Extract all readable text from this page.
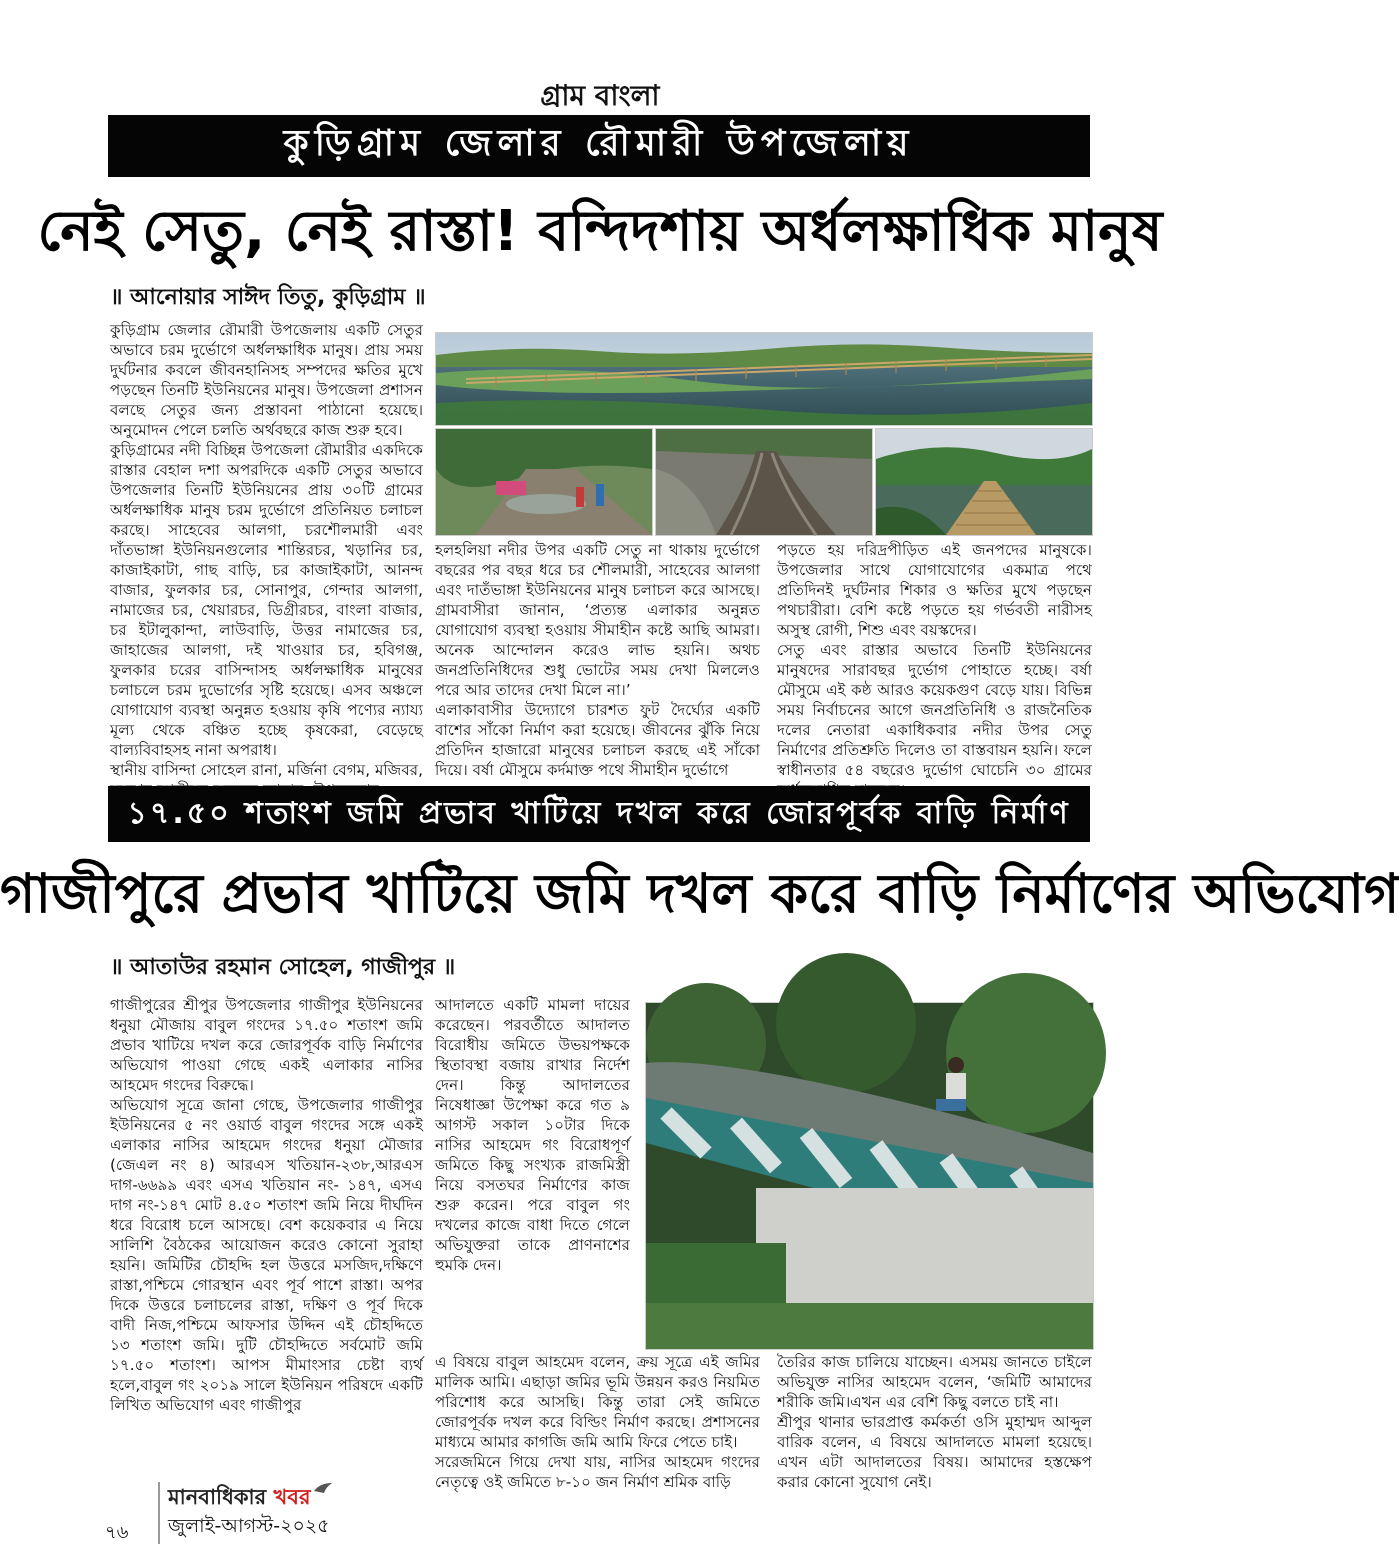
গ্রাম বাংলা
কুড়িগ্রাম জেলার রৌমারী উপজেলায়
নেই সেতু, নেই রাস্তা! বন্দিদশায় অর্ধলক্ষাধিক মানুষ
॥ আনোয়ার সাঈদ তিতু, কুড়িগ্রাম ॥

কুড়িগ্রাম জেলার রৌমারী উপজেলায় একটি সেতুর অভাবে চরম দুর্ভোগে অর্ধলক্ষাধিক মানুষ। প্রায় সময় দুর্ঘটনার কবলে জীবনহানিসহ সম্পদের ক্ষতির মুখে পড়ছেন তিনটি ইউনিয়নের মানুষ। উপজেলা প্রশাসন বলছে সেতুর জন্য প্রস্তাবনা পাঠানো হয়েছে। অনুমোদন পেলে চলতি অর্থবছরে কাজ শুরু হবে।

কুড়িগ্রামের নদী বিচ্ছিন্ন উপজেলা রৌমারীর একদিকে রাস্তার বেহাল দশা অপরদিকে একটি সেতুর অভাবে উপজেলার তিনটি ইউনিয়নের প্রায় ৩০টি গ্রামের অর্ধলক্ষাধিক মানুষ চরম দুর্ভোগে প্রতিনিয়ত চলাচল করছে। সাহেবের আলগা, চরশৌলমারী এবং দাঁতভাঙ্গা ইউনিয়নগুলোর শান্তিরচর, খড়ানির চর, কাজাইকাটা, গাছ বাড়ি, চর কাজাইকাটা, আনন্দ বাজার, ফুলকার চর, সোনাপুর, গেন্দার আলগা, নামাজের চর, খেয়ারচর, ডিগ্রীরচর, বাংলা বাজার, চর ইটালুকান্দা, লাউবাড়ি, উত্তর নামাজের চর, জাহাজের আলগা, দই খাওয়ার চর, হবিগঞ্জ, ফুলকার চরের বাসিন্দাসহ অর্ধলক্ষাধিক মানুষের চলাচলে চরম দুভোর্গের সৃষ্টি হয়েছে। এসব অঞ্চলে যোগাযোগ ব্যবস্থা অনুন্নত হওয়ায় কৃষি পণ্যের ন্যায্য মূল্য থেকে বঞ্চিত হচ্ছে কৃষকেরা, বেড়েছে বাল্যবিবাহসহ নানা অপরাধ।

স্থানীয় বাসিন্দা সোহেল রানা, মর্জিনা বেগম, মজিবর,

হলহলিয়া নদীর উপর একটি সেতু না থাকায় দুর্ভোগে বছরের পর বছর ধরে চর শৌলমারী, সাহেবের আলগা এবং দাতঁভাঙ্গা ইউনিয়নের মানুষ চলাচল করে আসছে। গ্রামবাসীরা জানান, ‘প্রত্যন্ত এলাকার অনুন্নত যোগাযোগ ব্যবস্থা হওয়ায় সীমাহীন কষ্টে আছি আমরা। অনেক আন্দোলন করেও লাভ হয়নি। অথচ জনপ্রতিনিধিদের শুধু ভোটের সময় দেখা মিললেও পরে আর তাদের দেখা মিলে না।’

এলাকাবাসীর উদ্যোগে চারশত ফুট দৈর্ঘ্যের একটি বাশের সাঁকো নির্মাণ করা হয়েছে। জীবনের ঝুঁকি নিয়ে প্রতিদিন হাজারো মানুষের চলাচল করছে এই সাঁকো দিয়ে। বর্ষা মৌসুমে কর্দমাক্ত পথে সীমাহীন দুর্ভোগে

পড়তে হয় দরিদ্রপীড়িত এই জনপদের মানুষকে। উপজেলার সাথে যোগাযোগের একমাত্র পথে প্রতিদিনই দুর্ঘটনার শিকার ও ক্ষতির মুখে পড়ছেন পথচারীরা। বেশি কষ্টে পড়তে হয় গর্ভবতী নারীসহ অসুস্থ রোগী, শিশু এবং বয়স্কদের।

সেতু এবং রাস্তার অভাবে তিনটি ইউনিয়নের মানুষদের সারাবছর দুর্ভোগ পোহাতে হচ্ছে। বর্ষা মৌসুমে এই কষ্ঠ আরও কয়েকগুণ বেড়ে যায়। বিভিন্ন সময় নির্বাচনের আগে জনপ্রতিনিধি ও রাজনৈতিক দলের নেতারা একাধিকবার নদীর উপর সেতু নির্মাণের প্রতিশ্রুতি দিলেও তা বাস্তবায়ন হয়নি। ফলে স্বাধীনতার ৫৪ বছরেও দুর্ভোগ ঘোচেনি ৩০ গ্রামের

১৭.৫০ শতাংশ জমি প্রভাব খাটিয়ে দখল করে জোরপূর্বক বাড়ি নির্মাণ
গাজীপুরে প্রভাব খাটিয়ে জমি দখল করে বাড়ি নির্মাণের অভিযোগ
॥ আতাউর রহমান সোহেল, গাজীপুর ॥

গাজীপুরের শ্রীপুর উপজেলার গাজীপুর ইউনিয়নের ধনুয়া মৌজায় বাবুল গংদের ১৭.৫০ শতাংশ জমি প্রভাব খাটিয়ে দখল করে জোরপূর্বক বাড়ি নির্মাণের অভিযোগ পাওয়া গেছে একই এলাকার নাসির আহমেদ গংদের বিরুদ্ধে।

অভিযোগ সূত্রে জানা গেছে, উপজেলার গাজীপুর ইউনিয়নের ৫ নং ওয়ার্ড বাবুল গংদের সঙ্গে একই এলাকার নাসির আহমেদ গংদের ধনুয়া মৌজার (জেএল নং ৪) আরএস খতিয়ান-২৩৮,আরএস দাগ-৬৬৯৯ এবং এসএ খতিয়ান নং- ১৪৭, এসএ দাগ নং-১৪৭ মোট ৪.৫০ শতাংশ জমি নিয়ে দীর্ঘদিন ধরে বিরোধ চলে আসছে। বেশ কয়েকবার এ নিয়ে সালিশি বৈঠকের আয়োজন করেও কোনো সুরাহা হয়নি। জমিটির চৌহদ্দি হল উত্তরে মসজিদ,দক্ষিণে রাস্তা,পশ্চিমে গোরস্থান এবং পূর্ব পাশে রাস্তা। অপর দিকে উত্তরে চলাচলের রাস্তা, দক্ষিণ ও পূর্ব দিকে বাদী নিজ,পশ্চিমে আফসার উদ্দিন এই চৌহদ্দিতে ১৩ শতাংশ জমি। দুটি চৌহদ্দিতে সর্বমোট জমি ১৭.৫০ শতাংশ। আপস মীমাংসার চেষ্টা ব্যর্থ হলে,বাবুল গং ২০১৯ সালে ইউনিয়ন পরিষদে একটি লিখিত অভিযোগ এবং গাজীপুর

আদালতে একটি মামলা দায়ের করেছেন। পরবর্তীতে আদালত বিরোধীয় জমিতে উভয়পক্ষকে স্থিতাবস্থা বজায় রাখার নির্দেশ দেন। কিন্তু আদালতের নিষেধাজ্ঞা উপেক্ষা করে গত ৯ আগস্ট সকাল ১০টার দিকে নাসির আহমেদ গং বিরোধপূর্ণ জমিতে কিছু সংখ্যক রাজমিস্ত্রী নিয়ে বসতঘর নির্মাণের কাজ শুরু করেন। পরে বাবুল গং দখলের কাজে বাধা দিতে গেলে অভিযুক্তরা তাকে প্রাণনাশের হুমকি দেন।

এ বিষয়ে বাবুল আহমেদ বলেন, ক্রয় সূত্রে এই জমির মালিক আমি। এছাড়া জমির ভূমি উন্নয়ন করও নিয়মিত পরিশোধ করে আসছি। কিন্তু তারা সেই জমিতে জোরপূর্বক দখল করে বিল্ডিং নির্মাণ করছে। প্রশাসনের মাধ্যমে আমার কাগজি জমি আমি ফিরে পেতে চাই।

সরেজমিনে গিয়ে দেখা যায়, নাসির আহমেদ গংদের নেতৃত্বে ওই জমিতে ৮-১০ জন নির্মাণ শ্রমিক বাড়ি

তৈরির কাজ চালিয়ে যাচ্ছেন। এসময় জানতে চাইলে অভিযুক্ত নাসির আহমেদ বলেন, ‘জমিটি আমাদের শরীকি জমি।এখন এর বেশি কিছু বলতে চাই না।

শ্রীপুর থানার ভারপ্রাপ্ত কর্মকর্তা ওসি মুহাম্মদ আব্দুল বারিক বলেন, এ বিষয়ে আদালতে মামলা হয়েছে। এখন এটা আদালতের বিষয়। আমাদের হস্তক্ষেপ করার কোনো সুযোগ নেই।

৭৬
মানবাধিকার খবর
জুলাই-আগস্ট-২০২৫
